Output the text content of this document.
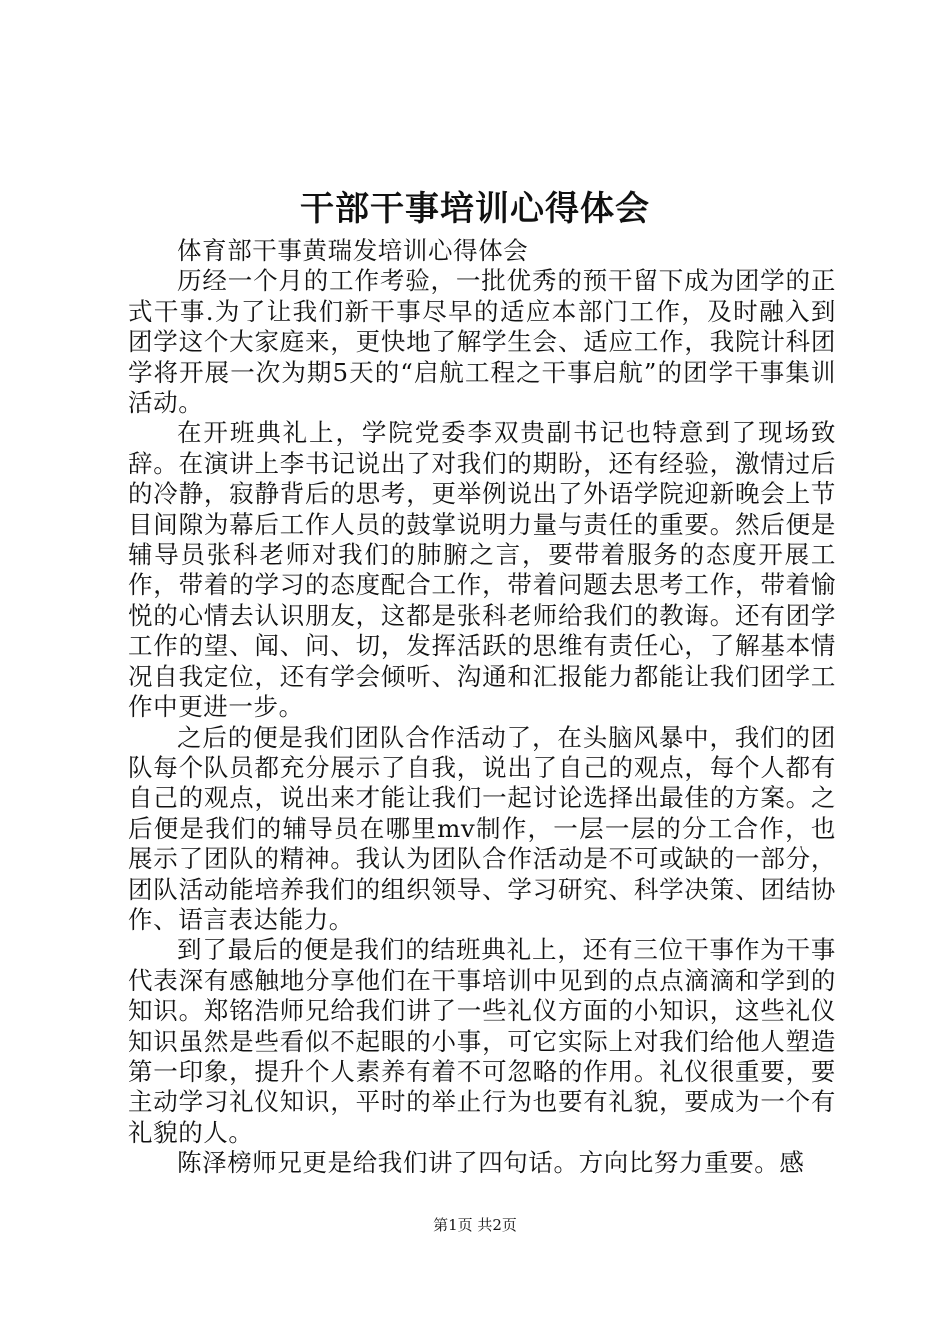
干部干事培训心得体会

体育部干事黄瑞发培训心得体会

历经一个月的工作考验，一批优秀的预干留下成为团学的正式干事.为了让我们新干事尽早的适应本部门工作，及时融入到团学这个大家庭来，更快地了解学生会、适应工作，我院计科团学将开展一次为期5天的“启航工程之干事启航”的团学干事集训活动。

在开班典礼上，学院党委李双贵副书记也特意到了现场致辞。在演讲上李书记说出了对我们的期盼，还有经验，激情过后的冷静，寂静背后的思考，更举例说出了外语学院迎新晚会上节目间隙为幕后工作人员的鼓掌说明力量与责任的重要。然后便是辅导员张科老师对我们的肺腑之言，要带着服务的态度开展工作，带着的学习的态度配合工作，带着问题去思考工作，带着愉悦的心情去认识朋友，这都是张科老师给我们的教诲。还有团学工作的望、闻、问、切，发挥活跃的思维有责任心，了解基本情况自我定位，还有学会倾听、沟通和汇报能力都能让我们团学工作中更进一步。

之后的便是我们团队合作活动了，在头脑风暴中，我们的团队每个队员都充分展示了自我，说出了自己的观点，每个人都有自己的观点，说出来才能让我们一起讨论选择出最佳的方案。之后便是我们的辅导员在哪里mv制作，一层一层的分工合作，也展示了团队的精神。我认为团队合作活动是不可或缺的一部分，团队活动能培养我们的组织领导、学习研究、科学决策、团结协作、语言表达能力。

到了最后的便是我们的结班典礼上，还有三位干事作为干事代表深有感触地分享他们在干事培训中见到的点点滴滴和学到的知识。郑铭浩师兄给我们讲了一些礼仪方面的小知识，这些礼仪知识虽然是些看似不起眼的小事，可它实际上对我们给他人塑造第一印象，提升个人素养有着不可忽略的作用。礼仪很重要，要主动学习礼仪知识，平时的举止行为也要有礼貌，要成为一个有礼貌的人。

陈泽榜师兄更是给我们讲了四句话。方向比努力重要。感

第1页 共2页
